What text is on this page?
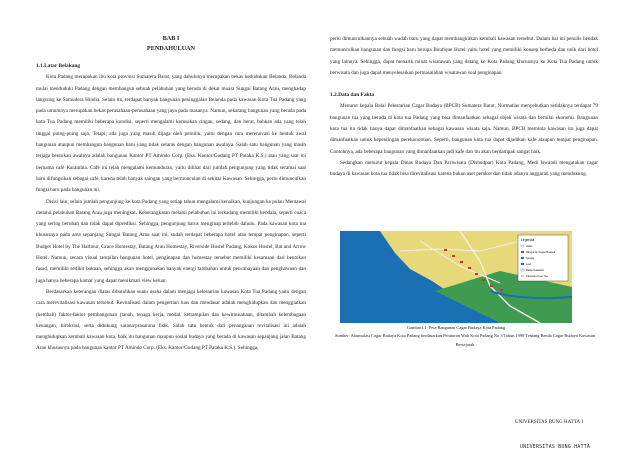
BAB I

PENDAHULUAN

1.1.Latar Belakang

Kota Padang merupakan ibu kota provinsi Sumatera Barat, yang dahulunya merupakan bekas kedudukan Belanda. Belanda mulai menduduki Padang dengan membangun sebuah pelabuhan yang berada di dekat muara Sungai Batang Arau, menghadap langsung ke Samudera Hindia. Selain itu, terdapat banyak bangunan peninggalan Belanda pada kawasan Kota Tua Padang yang pada umumnya merupakan bekas perusahaan-perusahaan yang jaya pada masanya. Namun, sekarang bangunan yang berada pada kota Tua Padang memiliki beberapa kondisi, seperti mengalami kerusakan ringan, sedang, dan berat, bahkan ada yang telah tinggal puing-puing saja. Tetapi, ada juga yang masih dijaga oleh pemilik, yaitu dengan cara merenovasi ke bentuk awal bangunan ataupun membangun bangunan baru yang tidak selaras dengan bangunan awalnya. Salah satu bangunan yang masih terjaga bentukan awalnya adalah bangunan Kantor PT Amindo Corp. (Eks. Kantor/Gudang PT Pataka K.S.) atau yang saat ini bernama café Karambia. Café ini telah mengalami kemunduran, yaitu dilihat dari jumlah pengunjung yang tidak seramai saat baru difungsikan sebagai café, karena telah banyak saingan yang bermunculan di sekitar Kawasan. Sehingga, perlu dimunculkan fungsi baru pada bangunan ini.

Disisi lain, selain jumlah pengunjung ke kota Padang yang setiap tahun mengalami kenaikan, kunjungan ke pulau Mentawai melalui pelabuhan Batang Arau juga meningkat. Keberangkatan melalui pelabuhan ini terkadang memiliki kendala, seperti cuaca yang sering berubah dan tidak dapat diprediksi. Sehingga, pengunjung harus menginap terlebih dahulu. Pada kawasan kota tua khususnya pada area sepanjang Sungai Batang Arau saat ini, sudah terdapat beberapa hotel atau tempat penginapan, seperti Budget Hotel by The Harbour, Grace Homestay, Batang Arau Homestay, Riverside Hostel Padang, Kokos Hostel, Bat and Arrow Hotel. Namun, secara visual tampilan bangunan hotel, penginapan dan homestay tersebut memiliki kesamaan dari bentukan fasad, memiliki sedikit bukaan, sehingga akan menggunakan banyak energi tambahan untuk pencahayaan dan penghawaan dan juga hanya beberapa kamar yang dapat menikmati view keluar.

Berdasarkan keterangan diatas dibutuhkan suatu usaha dalam menjaga kelestarian kawasan Kota Tua Padang yaitu dengan cara merevitalisasi kawasan tersebut. Revitalisasi dalam pengertian luas dan mendasar adalah menghidupkan dan menggiatkan (kembali) faktor-faktor pembangunan (tanah, tenaga kerja, modal, ketrampilan dan kewirausahaan, ditambah kelembagaan keuangan, birokrasi, serta didukung sarana/prasarana fisik. Salah satu bentuk dari penanganan revitalisasi ini adalah menghidupkan kembali kawasan kota, baik itu bangunan maupun sosial budaya yang berada di kawasan sepanjang jalan Batang Arau khususnya pada bangunan kantor PT Amindo Corp. (Eks. Kantor/Gudang PT Pataka K.S.). Sehingga,

perlu dimunculkannya sebuah wadah baru yang dapat membangkitkan kembali kawasan tersebut. Dalam hal ini penulis hendak memunculkan bangunan dan fungsi baru berupa Boutique Hotel yaitu hotel yang memiliki konsep berbeda dan unik dari hotel yang lainnya. Sehingga, dapat menarik minat wisatawan yang datang ke Kota Padang khususnya ke Kota Tua Padang untuk berwisata dan juga dapat menyelesaikan permasalahan wisatawan soal penginapan.

1.2.Data dan Fakta

Menurut kepala Balai Pelestarian Cagar Budaya (BPCB) Sumatera Barat, Nurmatias menyebutkan setidaknya terdapat 79 bangunan tua yang berada di kota tua Padang yang bisa dimanfaatkan sebagai objek wisata dan bernilai ekonomi. Bangunan kota tua itu tidak hanya dapat dimanfaatkan sebagai kawasan wisata saja. Namun, BPCB meminta kawasan itu juga dapat dimanfaatkan untuk kepentingan perekonomian. Seperti, bangunan kota tua dapat dijadikan kafe ataupun tempat penginapan. Contohnya, ada beberapa bangunan yang dimanfaatkan jadi kafe dan itu akan berdampak sangat baik.

Sedangkan menurut kepala Dinas Budaya Dan Pariwisata (Disbudpar) Kota Padang, Medi Iswandi mengatakan cagar budaya di kawasan kota tua tidak bisa direvitalisasi karena bukan aset pemkot dan tidak adanya anggaran yang mendukung.

Legenda
Jalan
Bangunan Cagar Budaya
Sungai
Laut
Batas Kawasan
Kawasan Kota Tua
Gambar1.1: Peta Bangunan Cagar Budaya Kota Padang
Sumber: Akumulasi Cagar Budaya Kota Padang berdasarkan Peraturan Wali Kota Padang No 3 Tahun 1998 Tentang Benda Cagar Budaya Kawasan Bersejarah
UNIVERSITAS BUNG HATTA 1
UNIVERSITAS BUNG HATTA
